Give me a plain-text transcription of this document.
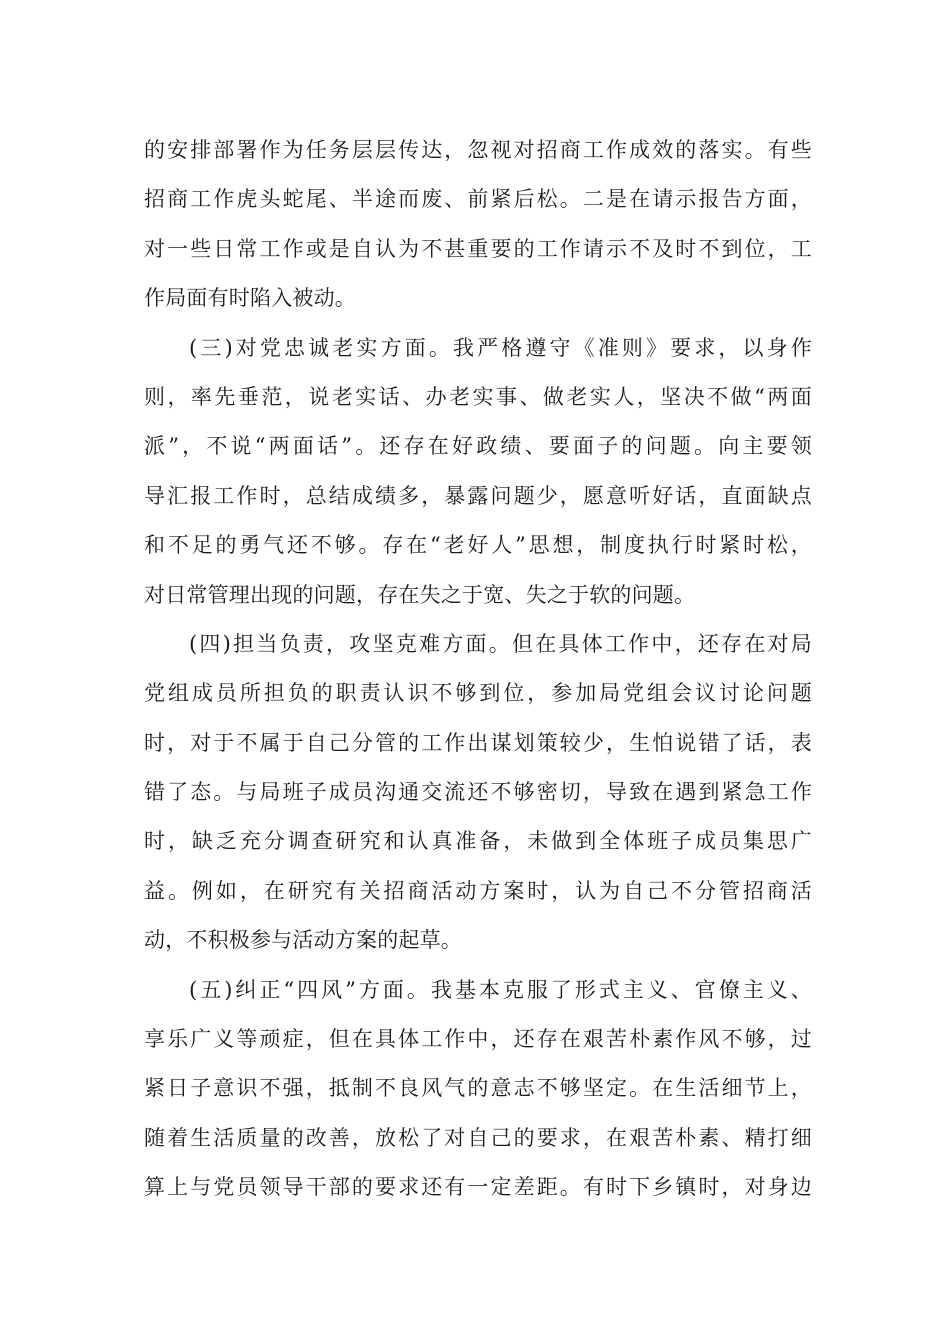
的安排部署作为任务层层传达，忽视对招商工作成效的落实。有些
招商工作虎头蛇尾、半途而废、前紧后松。二是在请示报告方面，
对一些日常工作或是自认为不甚重要的工作请示不及时不到位，工
作局面有时陷入被动。
(三)对党忠诚老实方面。我严格遵守《准则》要求，以身作
则，率先垂范，说老实话、办老实事、做老实人，坚决不做“两面
派”，不说“两面话”。还存在好政绩、要面子的问题。向主要领
导汇报工作时，总结成绩多，暴露问题少，愿意听好话，直面缺点
和不足的勇气还不够。存在“老好人”思想，制度执行时紧时松，
对日常管理出现的问题，存在失之于宽、失之于软的问题。
(四)担当负责，攻坚克难方面。但在具体工作中，还存在对局
党组成员所担负的职责认识不够到位，参加局党组会议讨论问题
时，对于不属于自己分管的工作出谋划策较少，生怕说错了话，表
错了态。与局班子成员沟通交流还不够密切，导致在遇到紧急工作
时，缺乏充分调查研究和认真准备，未做到全体班子成员集思广
益。例如，在研究有关招商活动方案时，认为自己不分管招商活
动，不积极参与活动方案的起草。
(五)纠正“四风”方面。我基本克服了形式主义、官僚主义、
享乐广义等顽症，但在具体工作中，还存在艰苦朴素作风不够，过
紧日子意识不强，抵制不良风气的意志不够坚定。在生活细节上，
随着生活质量的改善，放松了对自己的要求，在艰苦朴素、精打细
算上与党员领导干部的要求还有一定差距。有时下乡镇时，对身边
